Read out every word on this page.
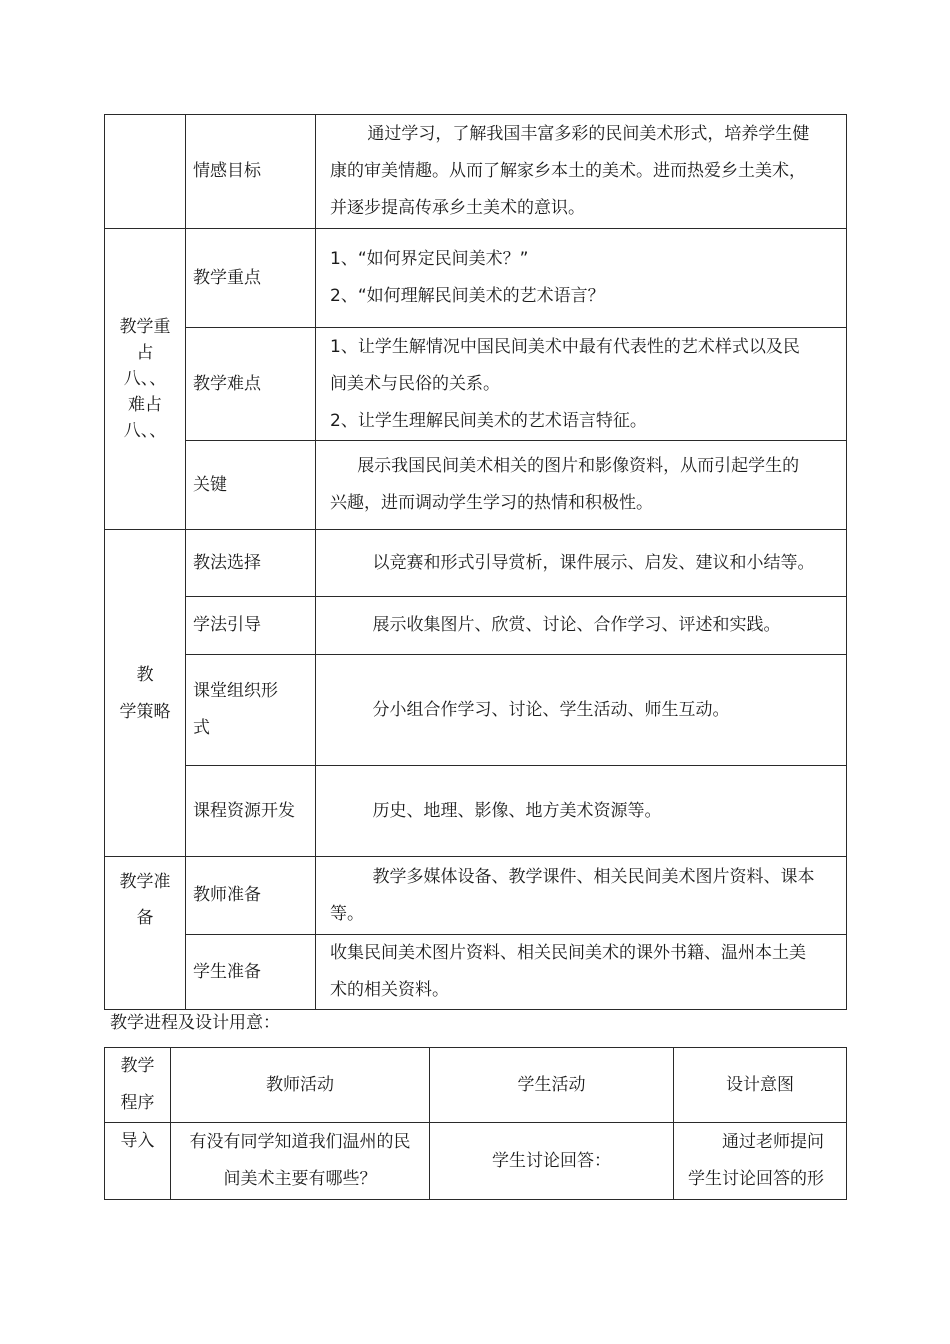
	情感目标	通过学习，了解我国丰富多彩的民间美术形式，培养学生健
康的审美情趣。从而了解家乡本土的美术。进而热爱乡土美术，
并逐步提高传承乡土美术的意识。

教学重
占
八、、
难占
八、、	教学重点	1、“如何界定民间美术？”
2、“如何理解民间美术的艺术语言？

	教学难点	1、让学生解情况中国民间美术中最有代表性的艺术样式以及民
间美术与民俗的关系。
2、让学生理解民间美术的艺术语言特征。

	关键	展示我国民间美术相关的图片和影像资料，从而引起学生的
兴趣，进而调动学生学习的热情和积极性。

教
学策略	教法选择	以竞赛和形式引导赏析，课件展示、启发、建议和小结等。
	学法引导	展示收集图片、欣赏、讨论、合作学习、评述和实践。

	课堂组织形
式	分小组合作学习、讨论、学生活动、师生互动。
	课程资源开发	历史、地理、影像、地方美术资源等。

教学准
备	教师准备	教学多媒体设备、教学课件、相关民间美术图片资料、课本
等。

	学生准备	收集民间美术图片资料、相关民间美术的课外书籍、温州本土美
术的相关资料。
教学进程及设计用意：
教学
程序	教师活动	学生活动	设计意图
导入	有没有同学知道我们温州的民
间美术主要有哪些？	学生讨论回答：	通过老师提问
学生讨论回答的形
